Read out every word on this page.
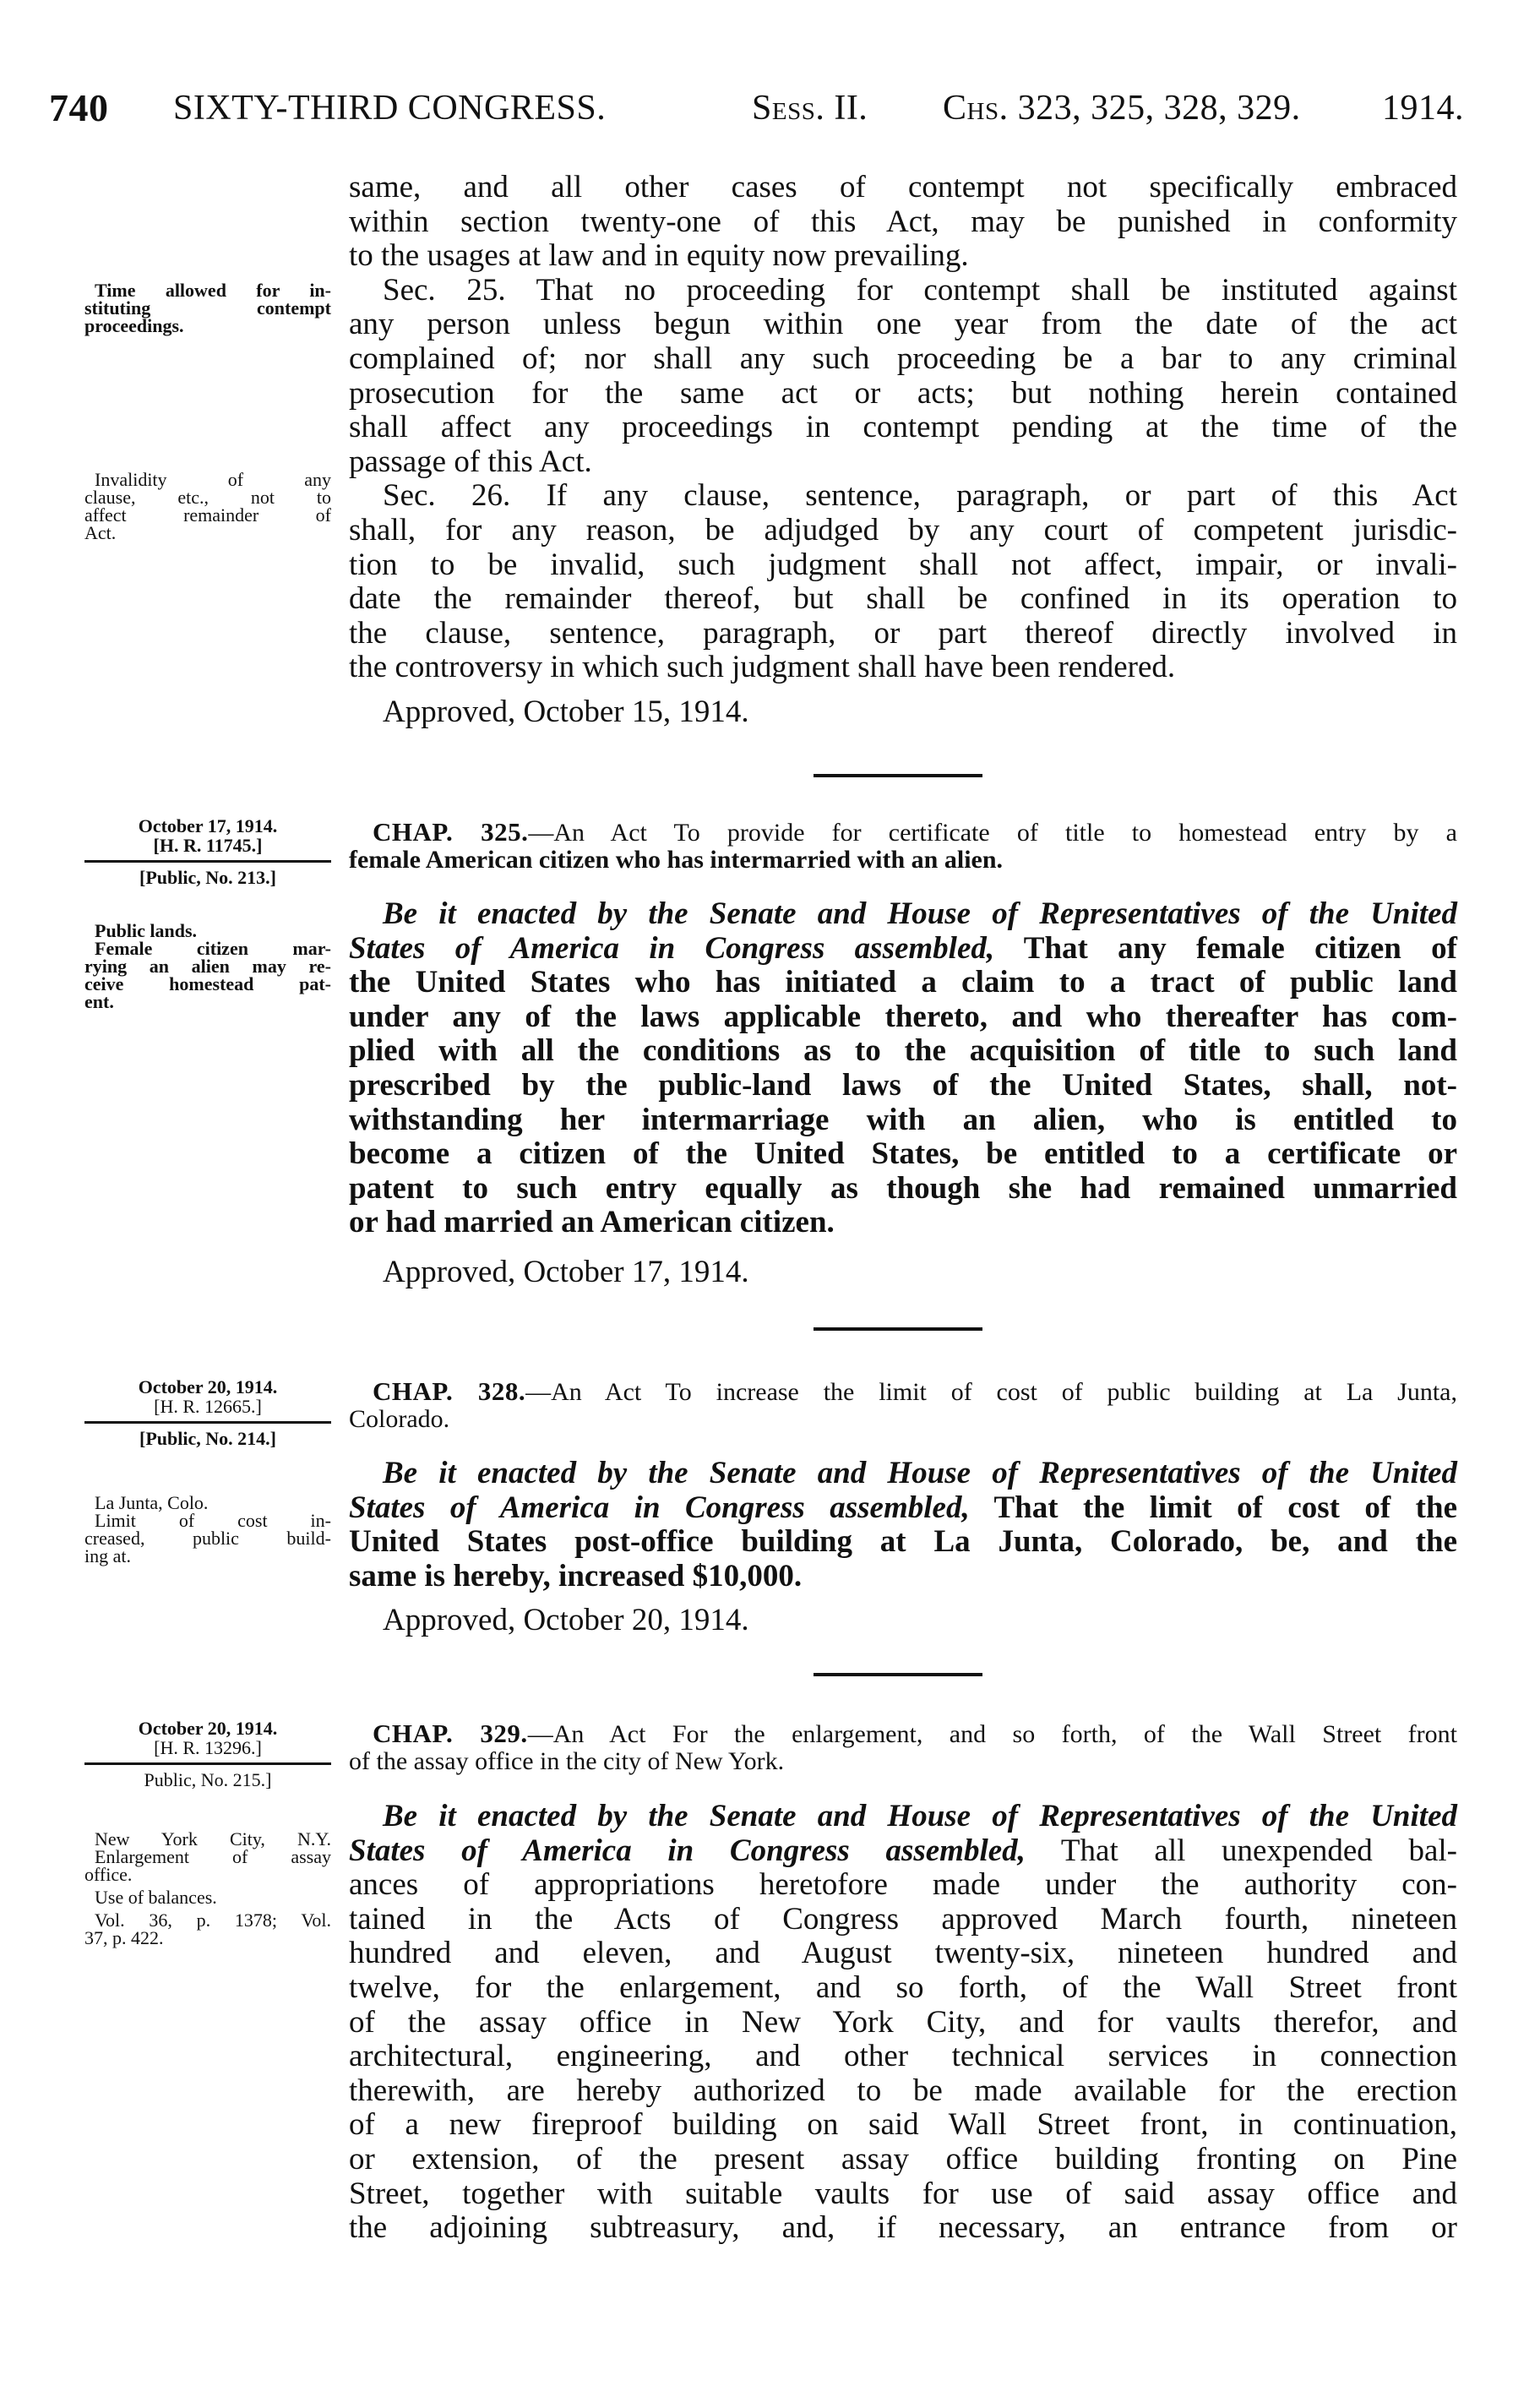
740 SIXTY-THIRD CONGRESS.	Sess. II. Chs. 323, 325, 328, 329. 1914.
same, and all other cases of contempt not specifically embraced
within section twenty-one of this Act, may be punished in conformity
to the usages at law and in equity now prevailing.
Sec. 25. That no proceeding for contempt shall be instituted against
any person unless begun within one year from the date of the act
complained of; nor shall any such proceeding be a bar to any criminal
prosecution for the same act or acts; but nothing herein contained
shall affect any proceedings in contempt pending at the time of the
passage of this Act.
Sec. 26. If any clause, sentence, paragraph, or part of this Act
shall, for any reason, be adjudged by any court of competent jurisdic-
tion to be invalid, such judgment shall not affect, impair, or invali-
date the remainder thereof, but shall be confined in its operation to
the clause, sentence, paragraph, or part thereof directly involved in
the controversy in which such judgment shall have been rendered.
Approved, October 15, 1914.
Time allowed for in-
stituting contempt
proceedings.
Invalidity of any
clause, etc., not to
affect remainder of
Act.
October 17, 1914.
[H. R. 11745.]
[Public, No. 213.]
CHAP. 325.—An Act To provide for certificate of title to homestead entry by a
female American citizen who has intermarried with an alien.
Be it enacted by the Senate and House of Representatives of the United
States of America in Congress assembled, That any female citizen of
the United States who has initiated a claim to a tract of public land
under any of the laws applicable thereto, and who thereafter has com-
plied with all the conditions as to the acquisition of title to such land
prescribed by the public-land laws of the United States, shall, not-
withstanding her intermarriage with an alien, who is entitled to
become a citizen of the United States, be entitled to a certificate or
patent to such entry equally as though she had remained unmarried
or had married an American citizen.
Approved, October 17, 1914.
Public lands.
Female citizen mar-
rying an alien may re-
ceive homestead pat-
ent.
October 20, 1914.
[H. R. 12665.]
[Public, No. 214.]
CHAP. 328.—An Act To increase the limit of cost of public building at La Junta,
Colorado.
Be it enacted by the Senate and House of Representatives of the United
States of America in Congress assembled, That the limit of cost of the
United States post-office building at La Junta, Colorado, be, and the
same is hereby, increased $10,000.
Approved, October 20, 1914.
La Junta, Colo.
Limit of cost in-
creased, public build-
ing at.
October 20, 1914.
[H. R. 13296.]
Public, No. 215.]
CHAP. 329.—An Act For the enlargement, and so forth, of the Wall Street front
of the assay office in the city of New York.
Be it enacted by the Senate and House of Representatives of the United
States of America in Congress assembled, That all unexpended bal-
ances of appropriations heretofore made under the authority con-
tained in the Acts of Congress approved March fourth, nineteen
hundred and eleven, and August twenty-six, nineteen hundred and
twelve, for the enlargement, and so forth, of the Wall Street front
of the assay office in New York City, and for vaults therefor, and
architectural, engineering, and other technical services in connection
therewith, are hereby authorized to be made available for the erection
of a new fireproof building on said Wall Street front, in continuation,
or extension, of the present assay office building fronting on Pine
Street, together with suitable vaults for use of said assay office and
the adjoining subtreasury, and, if necessary, an entrance from or
New York City, N.Y.
Enlargement of assay
office.
Use of balances.
Vol. 36, p. 1378; Vol.
37, p. 422.
